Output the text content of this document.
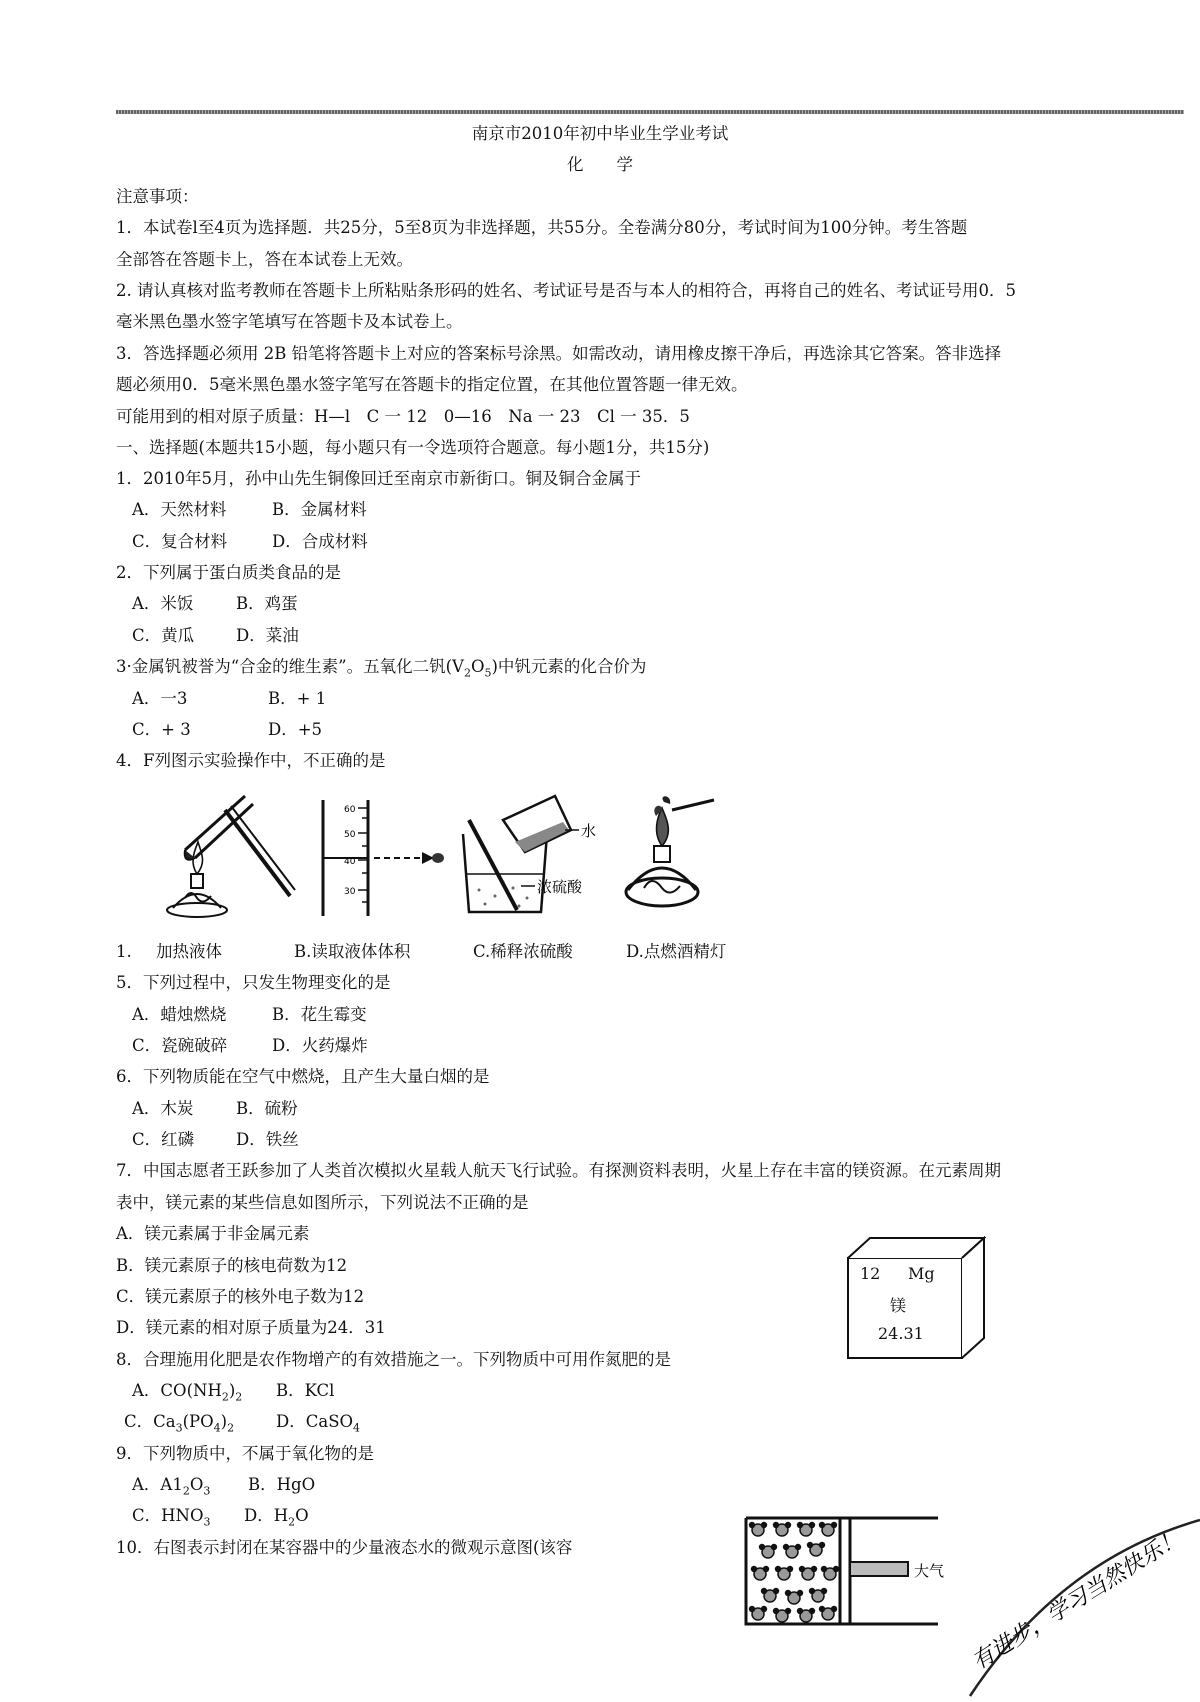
南京市2010年初中毕业生学业考试
化　　学
注意事项：
1．本试卷l至4页为选择题．共25分，5至8页为非选择题，共55分。全卷满分80分，考试时间为100分钟。考生答题
全部答在答题卡上，答在本试卷上无效。
2. 请认真核对监考教师在答题卡上所粘贴条形码的姓名、考试证号是否与本人的相符合，再将自己的姓名、考试证号用0．5
毫米黑色墨水签字笔填写在答题卡及本试卷上。
3．答选择题必须用 2B 铅笔将答题卡上对应的答案标号涂黑。如需改动，请用橡皮擦干净后，再选涂其它答案。答非选择
题必须用0．5毫米黑色墨水签字笔写在答题卡的指定位置，在其他位置答题一律无效。
可能用到的相对原子质量：H—l　C 一 12　0—16　Na 一 23　Cl 一 35．5
一、选择题(本题共15小题，每小题只有一令选项符合题意。每小题1分，共15分)
1．2010年5月，孙中山先生铜像回迁至南京市新街口。铜及铜合金属于
A．天然材料	B．金属材料
C．复合材料	D．合成材料
2．下列属于蛋白质类食品的是
A．米饭	B．鸡蛋
C．黄瓜	D．菜油
3·金属钒被誉为“合金的维生素”。五氧化二钒$(V_2O_5)$中钒元素的化合价为
A．一3	B．+ 1
C．+ 3	D．+5
4．F列图示实验操作中，不正确的是
60
50
40
30
水
浓硫酸
1. 加热液体	B.读取液体体积	C.稀释浓硫酸	D.点燃酒精灯
5．下列过程中，只发生物理变化的是
A．蜡烛燃烧	B．花生霉变
C．瓷碗破碎	D．火药爆炸
6．下列物质能在空气中燃烧，且产生大量白烟的是
A．木炭	B．硫粉
C．红磷	D．铁丝
7．中国志愿者王跃参加了人类首次模拟火星载人航天飞行试验。有探测资料表明，火星上存在丰富的镁资源。在元素周期
表中，镁元素的某些信息如图所示，下列说法不正确的是
A．镁元素属于非金属元素
B．镁元素原子的核电荷数为12
C．镁元素原子的核外电子数为12
D．镁元素的相对原子质量为24．31
12 Mg
镁
24.31
8．合理施用化肥是农作物增产的有效措施之一。下列物质中可用作氮肥的是
A．$CO(NH_2)_2$ B．KCl
C．$Ca_3(PO_4)_2$	D．CaSO$_4$
9．下列物质中，不属于氧化物的是
A．$A1_2O_3$ B．HgO
C．$HNO_3$ D．$H_2O$
10．右图表示封闭在某容器中的少量液态水的微观示意图(该容
大气 有进步，学习当然快乐！
